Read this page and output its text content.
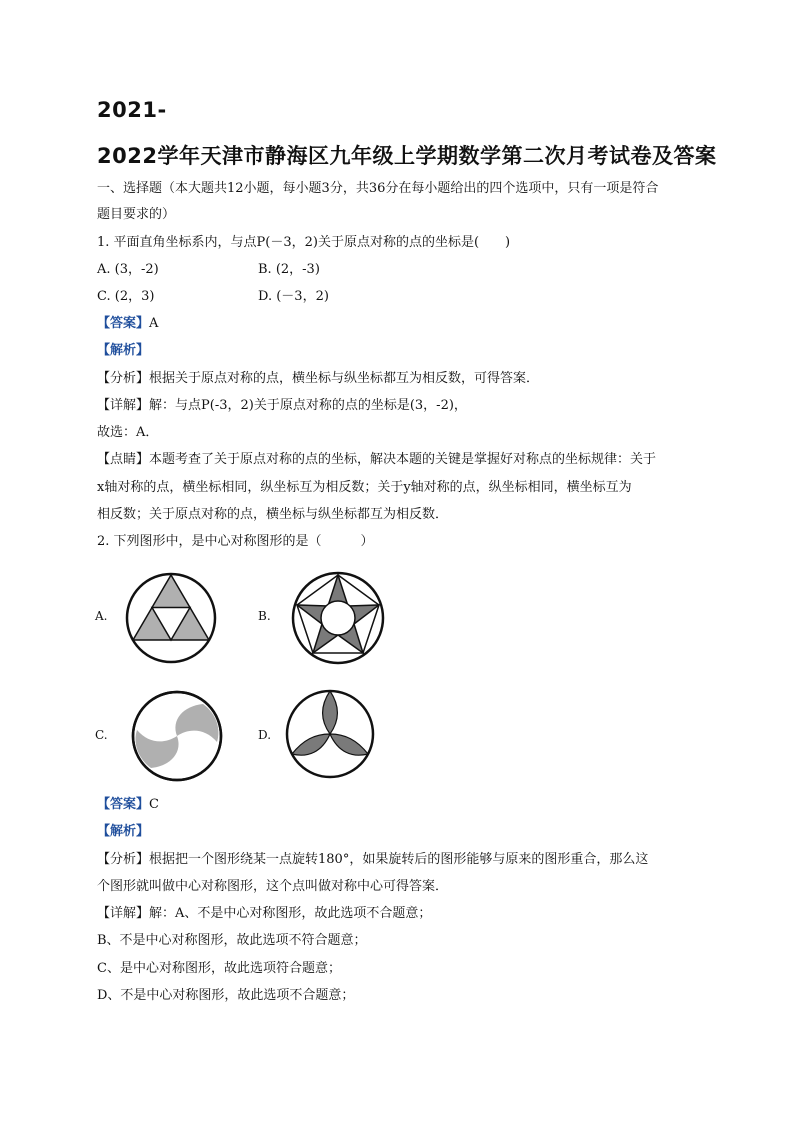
2021-
2022学年天津市静海区九年级上学期数学第二次月考试卷及答案
一、选择题（本大题共12小题，每小题3分，共36分在每小题给出的四个选项中，只有一项是符合
题目要求的）
1. 平面直角坐标系内，与点P(－3，2)关于原点对称的点的坐标是(　　)
A. (3，-2)	B. (2，-3)
C. (2，3)	D. (－3，2)
【答案】A
【解析】
【分析】根据关于原点对称的点，横坐标与纵坐标都互为相反数，可得答案．
【详解】解：与点P(-3，2)关于原点对称的点的坐标是(3，-2)，
故选：A．
【点睛】本题考查了关于原点对称的点的坐标，解决本题的关键是掌握好对称点的坐标规律：关于
x轴对称的点，横坐标相同，纵坐标互为相反数；关于y轴对称的点，纵坐标相同，横坐标互为
相反数；关于原点对称的点，横坐标与纵坐标都互为相反数．
2. 下列图形中，是中心对称图形的是（　　　）
A.	B.
C.	D.
【答案】C
【解析】
【分析】根据把一个图形绕某一点旋转180°，如果旋转后的图形能够与原来的图形重合，那么这
个图形就叫做中心对称图形，这个点叫做对称中心可得答案．
【详解】解：A、不是中心对称图形，故此选项不合题意；
B、不是中心对称图形，故此选项不符合题意；
C、是中心对称图形，故此选项符合题意；
D、不是中心对称图形，故此选项不合题意；
